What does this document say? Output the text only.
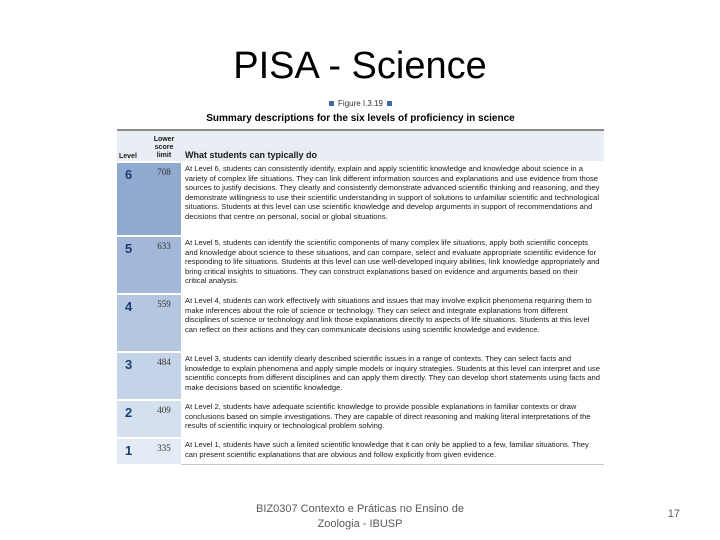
PISA - Science
Figure I.3.19
Summary descriptions for the six levels of proficiency in science
Level	Lower
score
limit	What students can typically do
6	708	At Level 6, students can consistently identify, explain and apply scientific knowledge and knowledge about science in a variety of complex life situations. They can link different information sources and explanations and use evidence from those sources to justify decisions. They clearly and consistently demonstrate advanced scientific thinking and reasoning, and they demonstrate willingness to use their scientific understanding in support of solutions to unfamiliar scientific and technological situations. Students at this level can use scientific knowledge and develop arguments in support of recommendations and decisions that centre on personal, social or global situations.
5	633	At Level 5, students can identify the scientific components of many complex life situations, apply both scientific concepts and knowledge about science to these situations, and can compare, select and evaluate appropriate scientific evidence for responding to life situations. Students at this level can use well-developed inquiry abilities, link knowledge appropriately and bring critical insights to situations. They can construct explanations based on evidence and arguments based on their critical analysis.
4	559	At Level 4, students can work effectively with situations and issues that may involve explicit phenomena requiring them to make inferences about the role of science or technology. They can select and integrate explanations from different disciplines of science or technology and link those explanations directly to aspects of life situations. Students at this level can reflect on their actions and they can communicate decisions using scientific knowledge and evidence.
3	484	At Level 3, students can identify clearly described scientific issues in a range of contexts. They can select facts and knowledge to explain phenomena and apply simple models or inquiry strategies. Students at this level can interpret and use scientific concepts from different disciplines and can apply them directly. They can develop short statements using facts and make decisions based on scientific knowledge.
2	409	At Level 2, students have adequate scientific knowledge to provide possible explanations in familiar contexts or draw conclusions based on simple investigations. They are capable of direct reasoning and making literal interpretations of the results of scientific inquiry or technological problem solving.
1	335	At Level 1, students have such a limited scientific knowledge that it can only be applied to a few, familiar situations. They can present scientific explanations that are obvious and follow explicitly from given evidence.
BIZ0307 Contexto e Práticas no Ensino de
Zoologia - IBUSP
17
